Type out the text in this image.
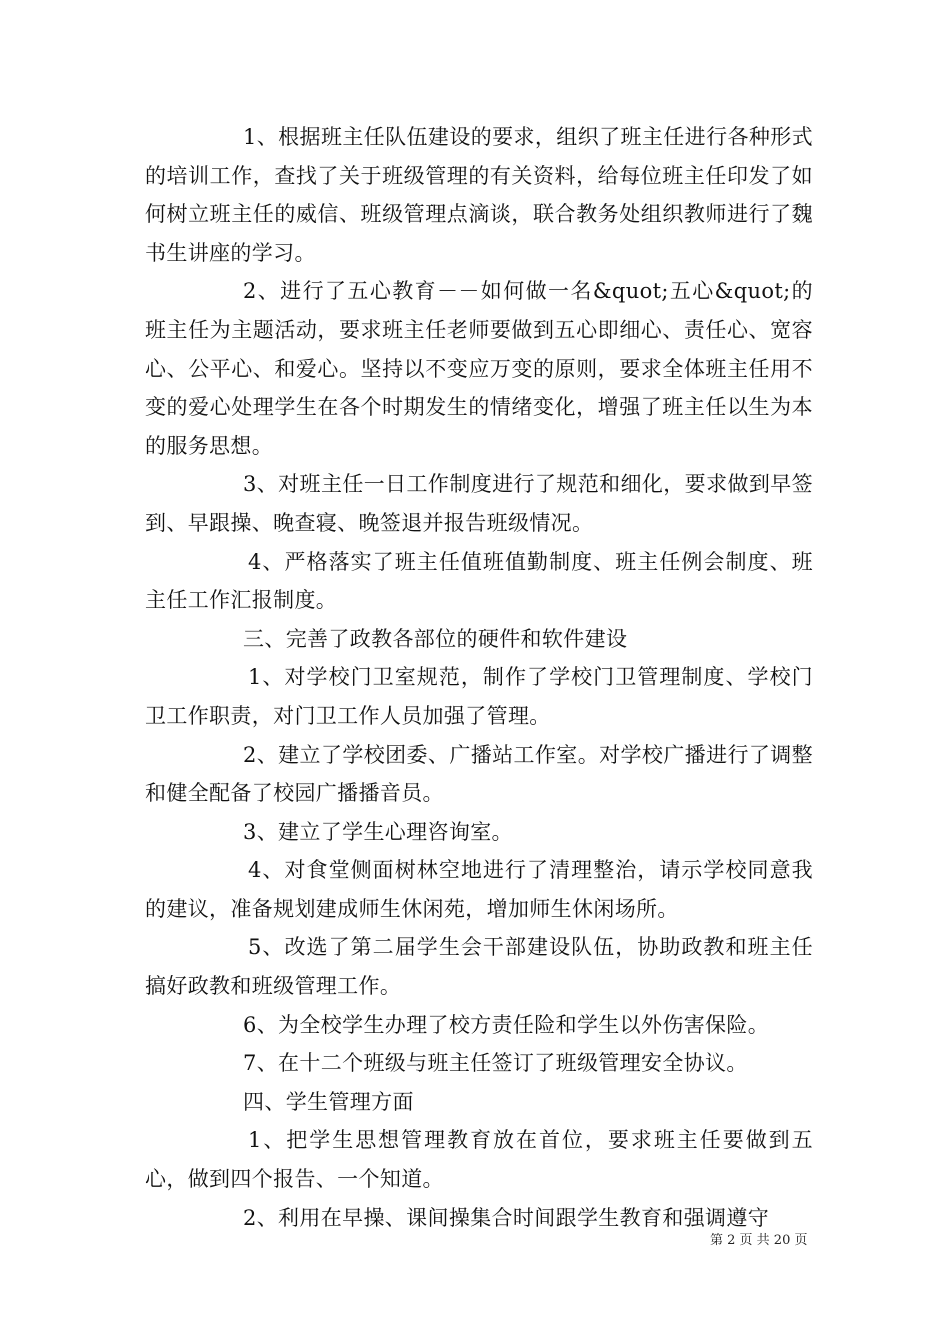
1、根据班主任队伍建设的要求，组织了班主任进行各种形式的培训工作，查找了关于班级管理的有关资料，给每位班主任印发了如何树立班主任的威信、班级管理点滴谈，联合教务处组织教师进行了魏书生讲座的学习。

2、进行了五心教育－－如何做一名&quot;五心&quot;的班主任为主题活动，要求班主任老师要做到五心即细心、责任心、宽容心、公平心、和爱心。坚持以不变应万变的原则，要求全体班主任用不变的爱心处理学生在各个时期发生的情绪变化，增强了班主任以生为本的服务思想。

3、对班主任一日工作制度进行了规范和细化，要求做到早签到、早跟操、晚查寝、晚签退并报告班级情况。

4、严格落实了班主任值班值勤制度、班主任例会制度、班主任工作汇报制度。

三、完善了政教各部位的硬件和软件建设

1、对学校门卫室规范，制作了学校门卫管理制度、学校门卫工作职责，对门卫工作人员加强了管理。

2、建立了学校团委、广播站工作室。对学校广播进行了调整和健全配备了校园广播播音员。

3、建立了学生心理咨询室。

4、对食堂侧面树林空地进行了清理整治，请示学校同意我的建议，准备规划建成师生休闲苑，增加师生休闲场所。

5、改选了第二届学生会干部建设队伍，协助政教和班主任搞好政教和班级管理工作。

6、为全校学生办理了校方责任险和学生以外伤害保险。

7、在十二个班级与班主任签订了班级管理安全协议。

四、学生管理方面

1、把学生思想管理教育放在首位，要求班主任要做到五心，做到四个报告、一个知道。

2、利用在早操、课间操集合时间跟学生教育和强调遵守

第 2 页 共 20 页
